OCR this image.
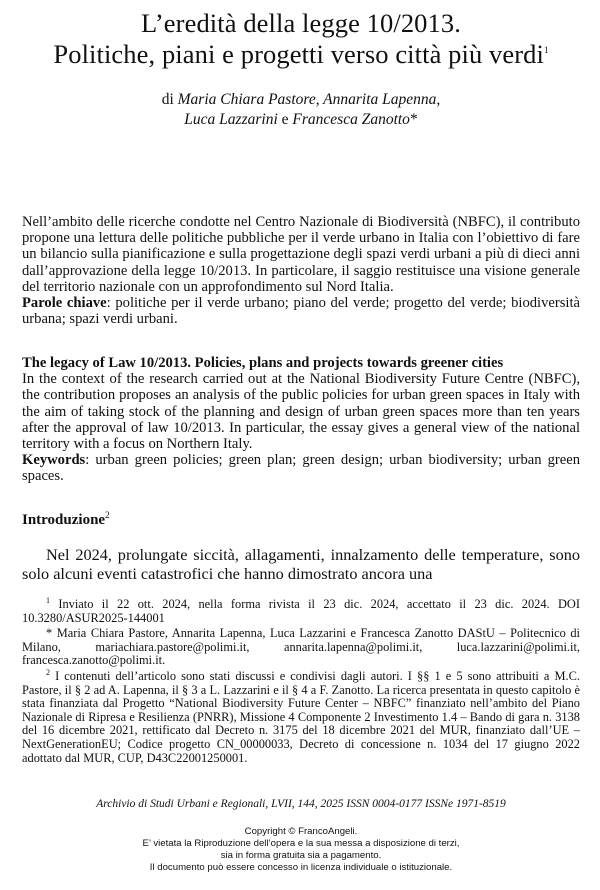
L’eredità della legge 10/2013.
Politiche, piani e progetti verso città più verdi$^1$
di Maria Chiara Pastore, Annarita Lapenna,
Luca Lazzarini e Francesca Zanotto*
Nell’ambito delle ricerche condotte nel Centro Nazionale di Biodiversità (NBFC), il contributo propone una lettura delle politiche pubbliche per il verde urbano in Italia con l’obiettivo di fare un bilancio sulla pianificazione e sulla progettazione degli spazi verdi urbani a più di dieci anni dall’approvazione della legge 10/2013. In particolare, il saggio restituisce una visione generale del territorio nazionale con un approfondimento sul Nord Italia.
Parole chiave: politiche per il verde urbano; piano del verde; progetto del verde; biodiversità urbana; spazi verdi urbani.
The legacy of Law 10/2013. Policies, plans and projects towards greener cities
In the context of the research carried out at the National Biodiversity Future Centre (NBFC), the contribution proposes an analysis of the public policies for urban green spaces in Italy with the aim of taking stock of the planning and design of urban green spaces more than ten years after the approval of law 10/2013. In particular, the essay gives a general view of the national territory with a focus on Northern Italy.
Keywords: urban green policies; green plan; green design; urban biodiversity; urban green spaces.
Introduzione$^2$
Nel 2024, prolungate siccità, allagamenti, innalzamento delle temperature, sono solo alcuni eventi catastrofici che hanno dimostrato ancora una
$^1$ Inviato il 22 ott. 2024, nella forma rivista il 23 dic. 2024, accettato il 23 dic. 2024. DOI 10.3280/ASUR2025-144001
* Maria Chiara Pastore, Annarita Lapenna, Luca Lazzarini e Francesca Zanotto DAStU – Politecnico di Milano, mariachiara.pastore@polimi.it, annarita.lapenna@polimi.it, luca.lazzarini@polimi.it, francesca.zanotto@polimi.it.
$^2$ I contenuti dell’articolo sono stati discussi e condivisi dagli autori. I §§ 1 e 5 sono attribuiti a M.C. Pastore, il § 2 ad A. Lapenna, il § 3 a L. Lazzarini e il § 4 a F. Zanotto. La ricerca presentata in questo capitolo è stata finanziata dal Progetto “National Biodiversity Future Center – NBFC” finanziato nell’ambito del Piano Nazionale di Ripresa e Resilienza (PNRR), Missione 4 Componente 2 Investimento 1.4 – Bando di gara n. 3138 del 16 dicembre 2021, rettificato dal Decreto n. 3175 del 18 dicembre 2021 del MUR, finanziato dall’UE – NextGenerationEU; Codice progetto CN_00000033, Decreto di concessione n. 1034 del 17 giugno 2022 adottato dal MUR, CUP, D43C22001250001.
Archivio di Studi Urbani e Regionali, LVII, 144, 2025 ISSN 0004-0177 ISSNe 1971-8519
Copyright © FrancoAngeli.
E’ vietata la Riproduzione dell’opera e la sua messa a disposizione di terzi,
sia in forma gratuita sia a pagamento.
Il documento può essere concesso in licenza individuale o istituzionale.
